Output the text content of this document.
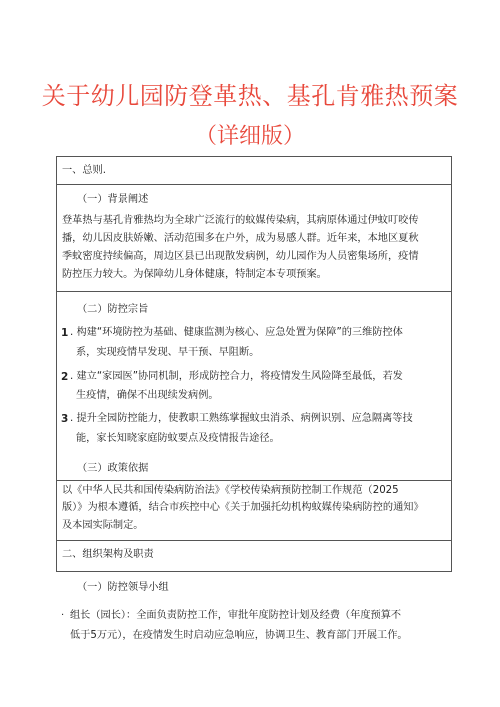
关于幼儿园防登革热、基孔肯雅热预案
（详细版）
一、总则.
（一）背景阐述
登革热与基孔肯雅热均为全球广泛流行的蚊媒传染病，其病原体通过伊蚊叮咬传
播，幼儿因皮肤娇嫩、活动范围多在户外，成为易感人群。近年来，本地区夏秋
季蚊密度持续偏高，周边区县已出现散发病例，幼儿园作为人员密集场所，疫情
防控压力较大。为保障幼儿身体健康，特制定本专项预案。
（二）防控宗旨
1 . 构建“环境防控为基础、健康监测为核心、应急处置为保障”的三维防控体
系，实现疫情早发现、早干预、早阻断。
2 . 建立“家园医”协同机制，形成防控合力，将疫情发生风险降至最低，若发
生疫情，确保不出现续发病例。
3 . 提升全园防控能力，使教职工熟练掌握蚊虫消杀、病例识别、应急隔离等技
能，家长知晓家庭防蚊要点及疫情报告途径。
（三）政策依据
以《中华人民共和国传染病防治法》《学校传染病预防控制工作规范（2025
版）》为根本遵循，结合市疾控中心《关于加强托幼机构蚊媒传染病防控的通知》
及本园实际制定。
二、组织架构及职责
（一）防控领导小组
· 组长（园长）：全面负责防控工作，审批年度防控计划及经费（年度预算不
低于5万元），在疫情发生时启动应急响应，协调卫生、教育部门开展工作。
